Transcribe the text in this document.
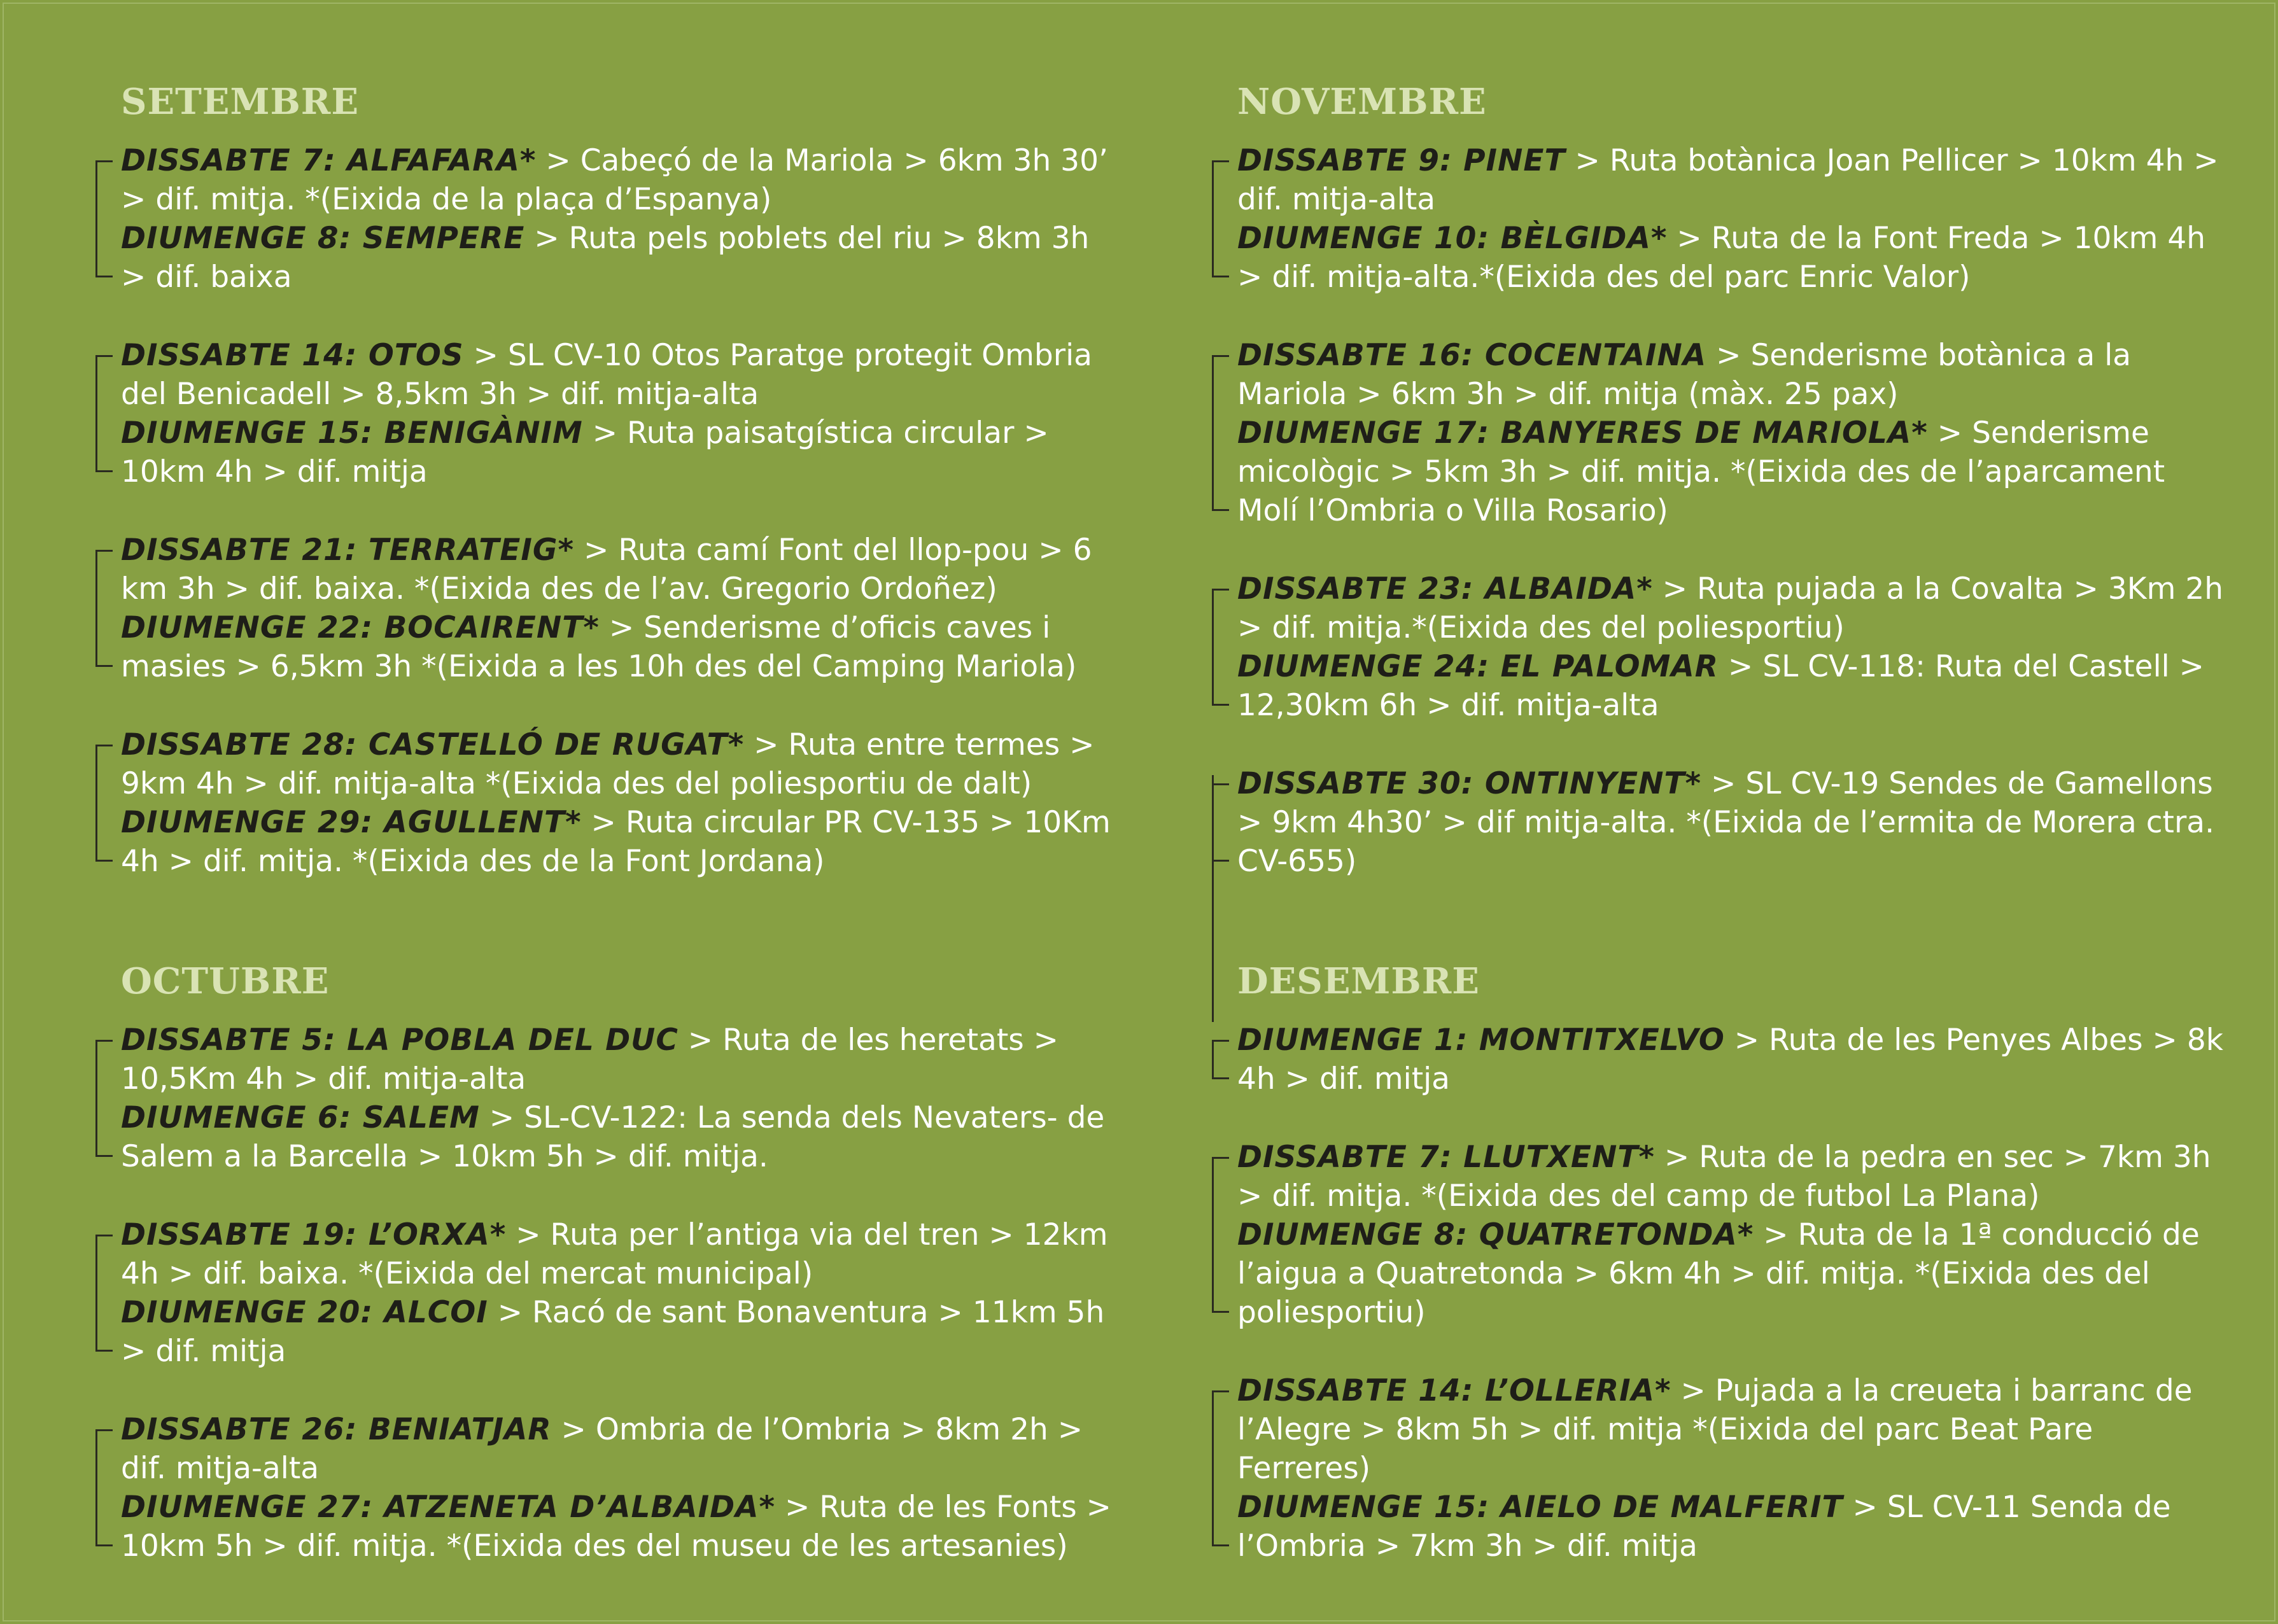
SETEMBRE

DISSABTE 7: ALFAFARA* > Cabeçó de la Mariola > 6km 3h 30’ > dif. mitja. *(Eixida de la plaça d’Espanya)

DIUMENGE 8: SEMPERE > Ruta pels poblets del riu > 8km 3h > dif. baixa

DISSABTE 14: OTOS > SL CV-10 Otos Paratge protegit Ombria del Benicadell > 8,5km 3h > dif. mitja-alta

DIUMENGE 15: BENIGÀNIM > Ruta paisatgística circular > 10km 4h > dif. mitja

DISSABTE 21: TERRATEIG* > Ruta camí Font del llop-pou > 6 km 3h > dif. baixa. *(Eixida des de l’av. Gregorio Ordoñez)

DIUMENGE 22: BOCAIRENT* > Senderisme d’oficis caves i masies > 6,5km 3h *(Eixida a les 10h des del Camping Mariola)

DISSABTE 28: CASTELLÓ DE RUGAT* > Ruta entre termes > 9km 4h > dif. mitja-alta *(Eixida des del poliesportiu de dalt)

DIUMENGE 29: AGULLENT* > Ruta circular PR CV-135 > 10Km 4h > dif. mitja. *(Eixida des de la Font Jordana)

OCTUBRE

DISSABTE 5: LA POBLA DEL DUC > Ruta de les heretats > 10,5Km 4h > dif. mitja-alta

DIUMENGE 6: SALEM > SL-CV-122: La senda dels Nevaters- de Salem a la Barcella > 10km 5h > dif. mitja.

DISSABTE 19: L’ORXA* > Ruta per l’antiga via del tren > 12km 4h > dif. baixa. *(Eixida del mercat municipal)

DIUMENGE 20: ALCOI > Racó de sant Bonaventura > 11km 5h > dif. mitja

DISSABTE 26: BENIATJAR > Ombria de l’Ombria > 8km 2h > dif. mitja-alta

DIUMENGE 27: ATZENETA D’ALBAIDA* > Ruta de les Fonts > 10km 5h > dif. mitja. *(Eixida des del museu de les artesanies)

NOVEMBRE

DISSABTE 9: PINET > Ruta botànica Joan Pellicer > 10km 4h > dif. mitja-alta

DIUMENGE 10: BÈLGIDA* > Ruta de la Font Freda > 10km 4h > dif. mitja-alta.*(Eixida des del parc Enric Valor)

DISSABTE 16: COCENTAINA > Senderisme botànica a la Mariola > 6km 3h > dif. mitja (màx. 25 pax)

DIUMENGE 17: BANYERES DE MARIOLA* > Senderisme micològic > 5km 3h > dif. mitja. *(Eixida des de l’aparcament Molí l’Ombria o Villa Rosario)

DISSABTE 23: ALBAIDA* > Ruta pujada a la Covalta > 3Km 2h > dif. mitja.*(Eixida des del poliesportiu)

DIUMENGE 24: EL PALOMAR > SL CV-118: Ruta del Castell > 12,30km 6h > dif. mitja-alta

DISSABTE 30: ONTINYENT* > SL CV-19 Sendes de Gamellons > 9km 4h30’ > dif mitja-alta. *(Eixida de l’ermita de Morera ctra. CV-655)

DESEMBRE

DIUMENGE 1: MONTITXELVO > Ruta de les Penyes Albes > 8k 4h > dif. mitja

DISSABTE 7: LLUTXENT* > Ruta de la pedra en sec > 7km 3h > dif. mitja. *(Eixida des del camp de futbol La Plana)

DIUMENGE 8: QUATRETONDA* > Ruta de la 1ª conducció de l’aigua a Quatretonda > 6km 4h > dif. mitja. *(Eixida des del poliesportiu)

DISSABTE 14: L’OLLERIA* > Pujada a la creueta i barranc de l’Alegre > 8km 5h > dif. mitja *(Eixida del parc Beat Pare Ferreres)

DIUMENGE 15: AIELO DE MALFERIT > SL CV-11 Senda de l’Ombria > 7km 3h > dif. mitja
